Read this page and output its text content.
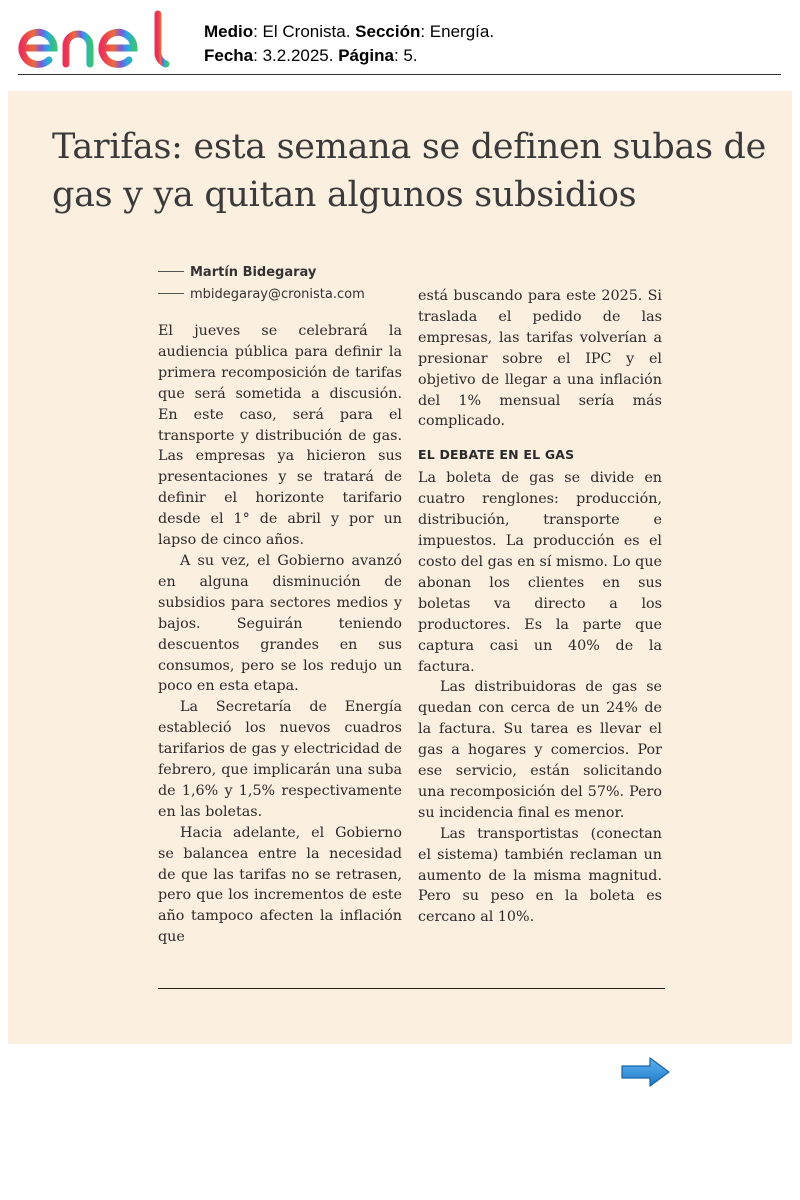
Medio: El Cronista. Sección: Energía.
Fecha: 3.2.2025. Página: 5.
Tarifas: esta semana se definen subas de gas y ya quitan algunos subsidios
Martín Bidegaray
mbidegaray@cronista.com

El jueves se celebrará la audiencia pública para definir la primera recomposición de tarifas que será sometida a discusión. En este caso, será para el transporte y distribución de gas. Las empresas ya hicieron sus presentaciones y se tratará de definir el horizonte tarifario desde el 1° de abril y por un lapso de cinco años.

A su vez, el Gobierno avanzó en alguna disminución de subsidios para sectores medios y bajos. Seguirán teniendo descuentos grandes en sus consumos, pero se los redujo un poco en esta etapa.

La Secretaría de Energía estableció los nuevos cuadros tarifarios de gas y electricidad de febrero, que implicarán una suba de 1,6% y 1,5% respectivamente en las boletas.

Hacia adelante, el Gobierno se balancea entre la necesidad de que las tarifas no se retrasen, pero que los incrementos de este año tampoco afecten la inflación que

está buscando para este 2025. Si traslada el pedido de las empresas, las tarifas volverían a presionar sobre el IPC y el objetivo de llegar a una inflación del 1% mensual sería más complicado.

EL DEBATE EN EL GAS

La boleta de gas se divide en cuatro renglones: producción, distribución, transporte e impuestos. La producción es el costo del gas en sí mismo. Lo que abonan los clientes en sus boletas va directo a los productores. Es la parte que captura casi un 40% de la factura.

Las distribuidoras de gas se quedan con cerca de un 24% de la factura. Su tarea es llevar el gas a hogares y comercios. Por ese servicio, están solicitando una recomposición del 57%. Pero su incidencia final es menor.

Las transportistas (conectan el sistema) también reclaman un aumento de la misma magnitud. Pero su peso en la boleta es cercano al 10%.
